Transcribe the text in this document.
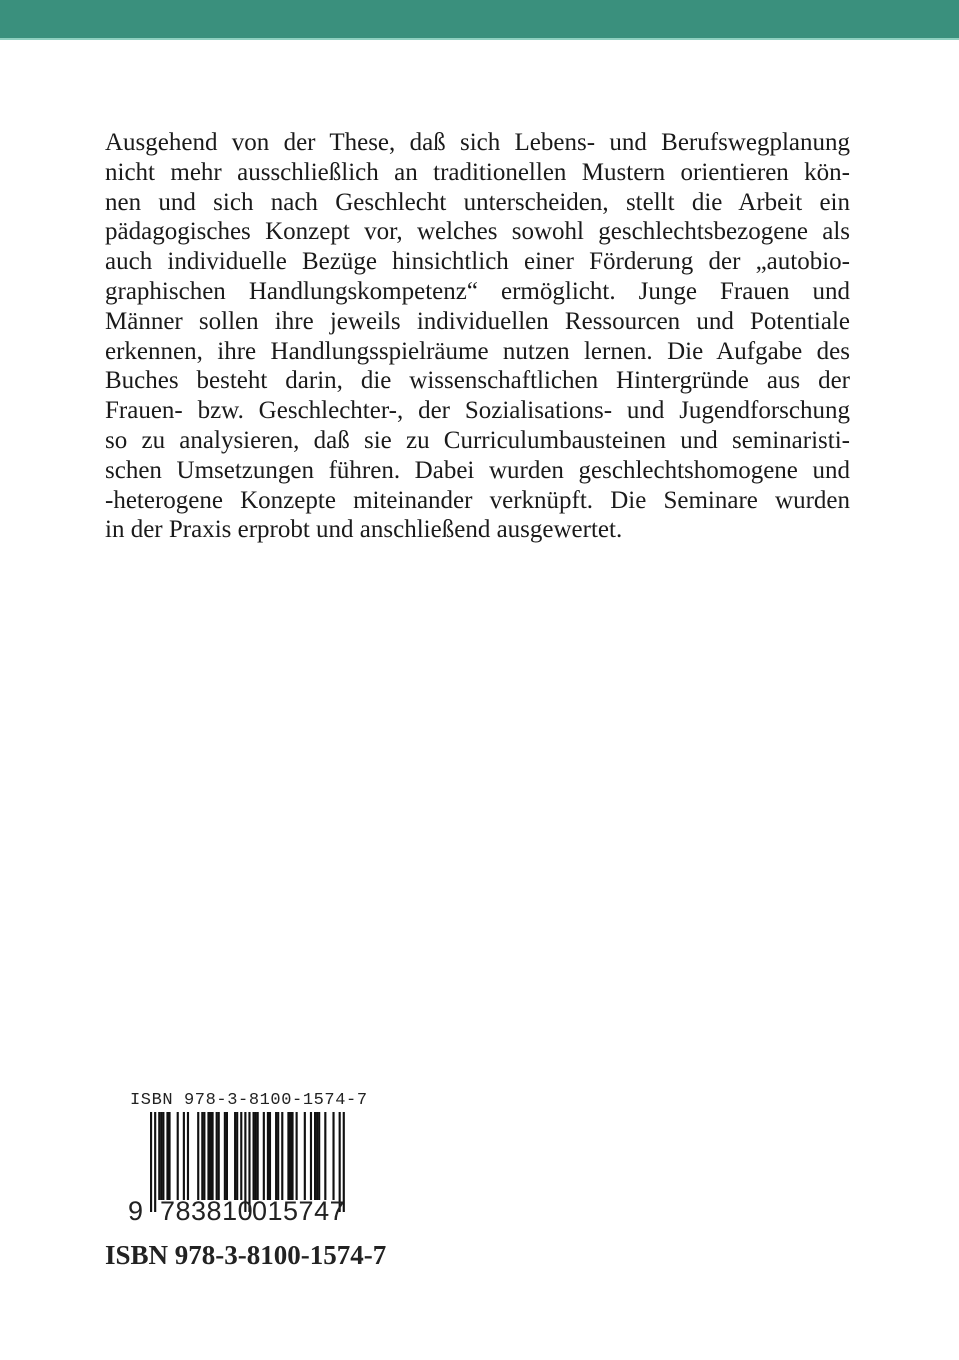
Ausgehend von der These, daß sich Lebens- und Berufswegplanung
nicht mehr ausschließlich an traditionellen Mustern orientieren kön-
nen und sich nach Geschlecht unterscheiden, stellt die Arbeit ein
pädagogisches Konzept vor, welches sowohl geschlechtsbezogene als
auch individuelle Bezüge hinsichtlich einer Förderung der „autobio-
graphischen Handlungskompetenz“ ermöglicht. Junge Frauen und
Männer sollen ihre jeweils individuellen Ressourcen und Potentiale
erkennen, ihre Handlungsspielräume nutzen lernen. Die Aufgabe des
Buches besteht darin, die wissenschaftlichen Hintergründe aus der
Frauen- bzw. Geschlechter-, der Sozialisations- und Jugendforschung
so zu analysieren, daß sie zu Curriculumbausteinen und seminaristi-
schen Umsetzungen führen. Dabei wurden geschlechtshomogene und
-heterogene Konzepte miteinander verknüpft. Die Seminare wurden
in der Praxis erprobt und anschließend ausgewertet.
ISBN 978-3-8100-1574-7
9 783810
015747
ISBN 978-3-8100-1574-7
